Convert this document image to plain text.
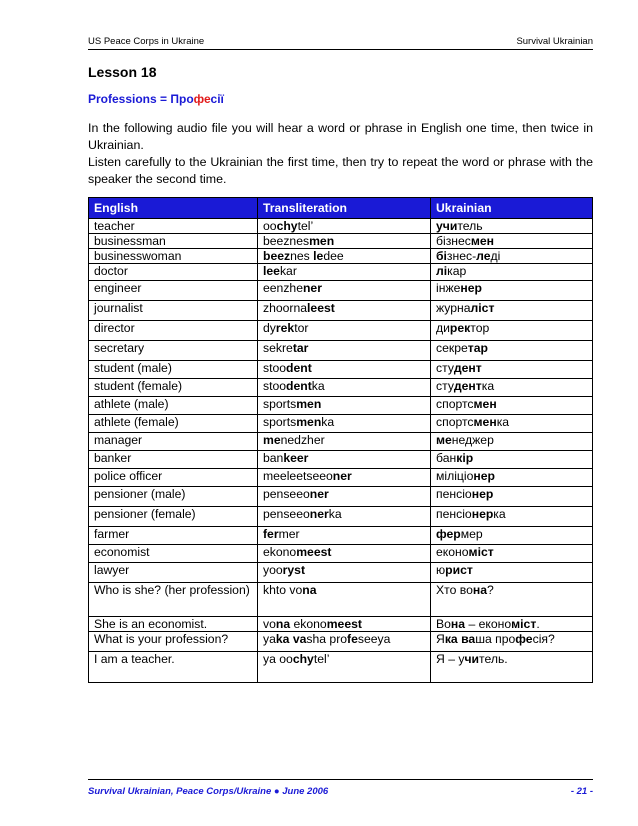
US Peace Corps in Ukraine	Survival Ukrainian
Lesson 18
Professions = Професії
In the following audio file you will hear a word or phrase in English one time, then twice in Ukrainian.
Listen carefully to the Ukrainian the first time, then try to repeat the word or phrase with the speaker the second time.
English	Transliteration	Ukrainian
teacher	oochytel’	учитель
businessman	beeznesmen	бізнесмен
businesswoman	beeznes ledee	бізнес-леді
doctor	leekar	лікар
engineer	eenzhener	інженер
journalist	zhoornaleest	журналіст
director	dyrektor	директор
secretary	sekretar	секретар
student (male)	stoodent	студент
student (female)	stoodentka	студентка
athlete (male)	sportsmen	спортсмен
athlete (female)	sportsmenka	спортсменка
manager	menedzher	менеджер
banker	bankeer	банкір
police officer	meeleetseeoner	міліціонер
pensioner (male)	penseeoner	пенсіонер
pensioner (female)	penseeonerka	пенсіонерка
farmer	fermer	фермер
economist	ekonomeest	економіст
lawyer	yooryst	юрист
Who is she? (her profession)	khto vona	Хто вона?
She is an economist.	vona ekonomeest	Вона – економіст.
What is your profession?	yaka vasha profeseeya	Яка ваша професія?
I am a teacher.	ya oochytel’	Я – учитель.
Survival Ukrainian, Peace Corps/Ukraine ● June 2006	- 21 -
